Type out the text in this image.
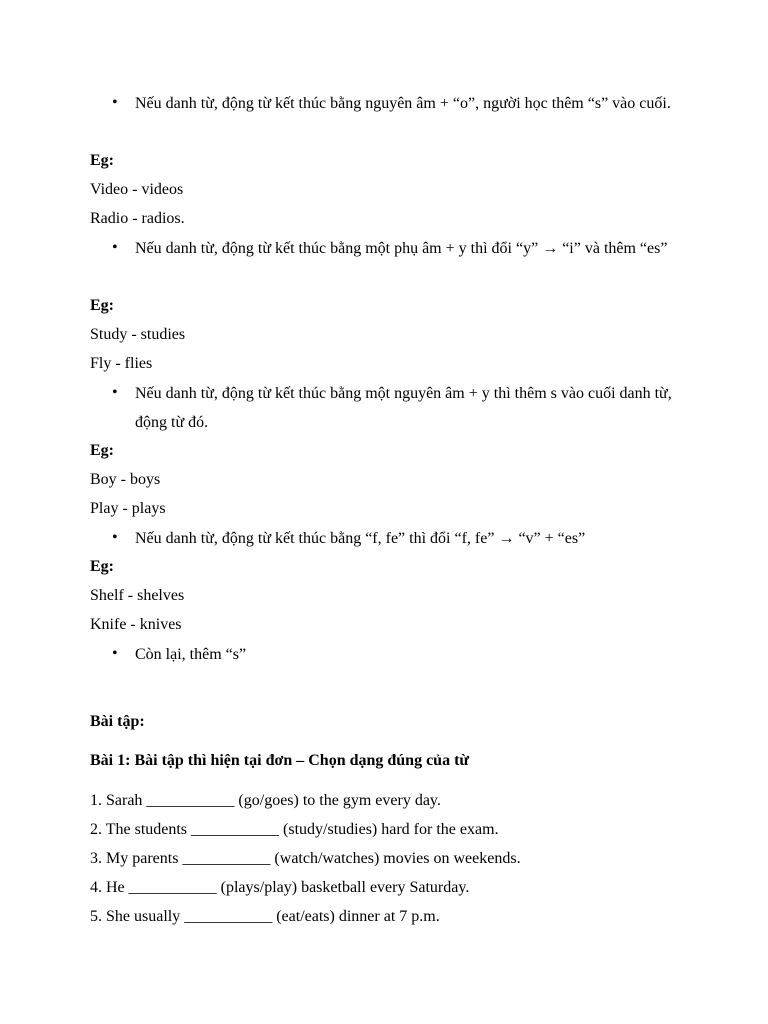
• Nếu danh từ, động từ kết thúc bằng nguyên âm + “o”, người học thêm “s” vào cuối.
Eg:
Video - videos
Radio - radios.
• Nếu danh từ, động từ kết thúc bằng một phụ âm + y thì đổi “y” → “i” và thêm “es”
Eg:
Study - studies
Fly - flies
• Nếu danh từ, động từ kết thúc bằng một nguyên âm + y thì thêm s vào cuối danh từ, động từ đó.
Eg:
Boy - boys
Play - plays
• Nếu danh từ, động từ kết thúc bằng “f, fe” thì đổi “f, fe” → “v” + “es”
Eg:
Shelf - shelves
Knife - knives
• Còn lại, thêm “s”
Bài tập:
Bài 1: Bài tập thì hiện tại đơn – Chọn dạng đúng của từ
1. Sarah ___________ (go/goes) to the gym every day.
2. The students ___________ (study/studies) hard for the exam.
3. My parents ___________ (watch/watches) movies on weekends.
4. He ___________ (plays/play) basketball every Saturday.
5. She usually ___________ (eat/eats) dinner at 7 p.m.
